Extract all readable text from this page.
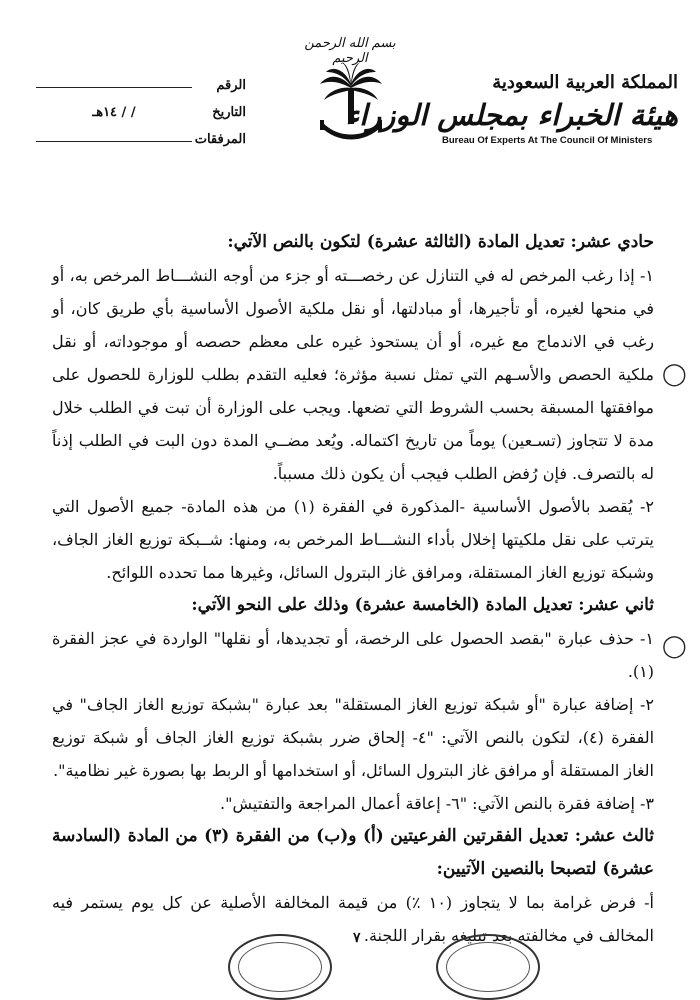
بسم الله الرحمن الرحيم
المملكة العربية السعودية
هيئة الخبراء بمجلس الوزراء
Bureau Of Experts At The Council Of Ministers
الرقم
التاريخ
/ / ١٤هـ
المرفقات

حادي عشر: تعديل المادة (الثالثة عشرة) لتكون بالنص الآتي:

١- إذا رغب المرخص له في التنازل عن رخصـــته أو جزء من أوجه النشـــاط المرخص به، أو في منحها لغيره، أو تأجيرها، أو مبادلتها، أو نقل ملكية الأصول الأساسية بأي طريق كان، أو رغب في الاندماج مع غيره، أو أن يستحوذ غيره على معظم حصصه أو موجوداته، أو نقل ملكية الحصص والأسـهم التي تمثل نسبة مؤثرة؛ فعليه التقدم بطلب للوزارة للحصول على موافقتها المسبقة بحسب الشروط التي تضعها. ويجب على الوزارة أن تبت في الطلب خلال مدة لا تتجاوز (تسـعين) يوماً من تاريخ اكتماله. ويُعد مضــي المدة دون البت في الطلب إذناً له بالتصرف. فإن رُفض الطلب فيجب أن يكون ذلك مسبباً.

٢- يُقصد بالأصول الأساسية -المذكورة في الفقرة (١) من هذه المادة- جميع الأصول التي يترتب على نقل ملكيتها إخلال بأداء النشـــاط المرخص به، ومنها: شــبكة توزيع الغاز الجاف، وشبكة توزيع الغاز المستقلة، ومرافق غاز البترول السائل، وغيرها مما تحدده اللوائح.

ثاني عشر: تعديل المادة (الخامسة عشرة) وذلك على النحو الآتي:

١- حذف عبارة "بقصد الحصول على الرخصة، أو تجديدها، أو نقلها" الواردة في عجز الفقرة (١).

٢- إضافة عبارة "أو شبكة توزيع الغاز المستقلة" بعد عبارة "بشبكة توزيع الغاز الجاف" في الفقرة (٤)، لتكون بالنص الآتي: "٤- إلحاق ضرر بشبكة توزيع الغاز الجاف أو شبكة توزيع الغاز المستقلة أو مرافق غاز البترول السائل، أو استخدامها أو الربط بها بصورة غير نظامية".

٣- إضافة فقرة بالنص الآتي: "٦- إعاقة أعمال المراجعة والتفتيش".

ثالث عشر: تعديل الفقرتين الفرعيتين (أ) و(ب) من الفقرة (٣) من المادة (السادسة عشرة) لتصبحا بالنصين الآتيين:

أ- فرض غرامة بما لا يتجاوز (١٠ ٪) من قيمة المخالفة الأصلية عن كل يوم يستمر فيه المخالف في مخالفته بعد تبليغه بقرار اللجنة.

◯
◯
٧
